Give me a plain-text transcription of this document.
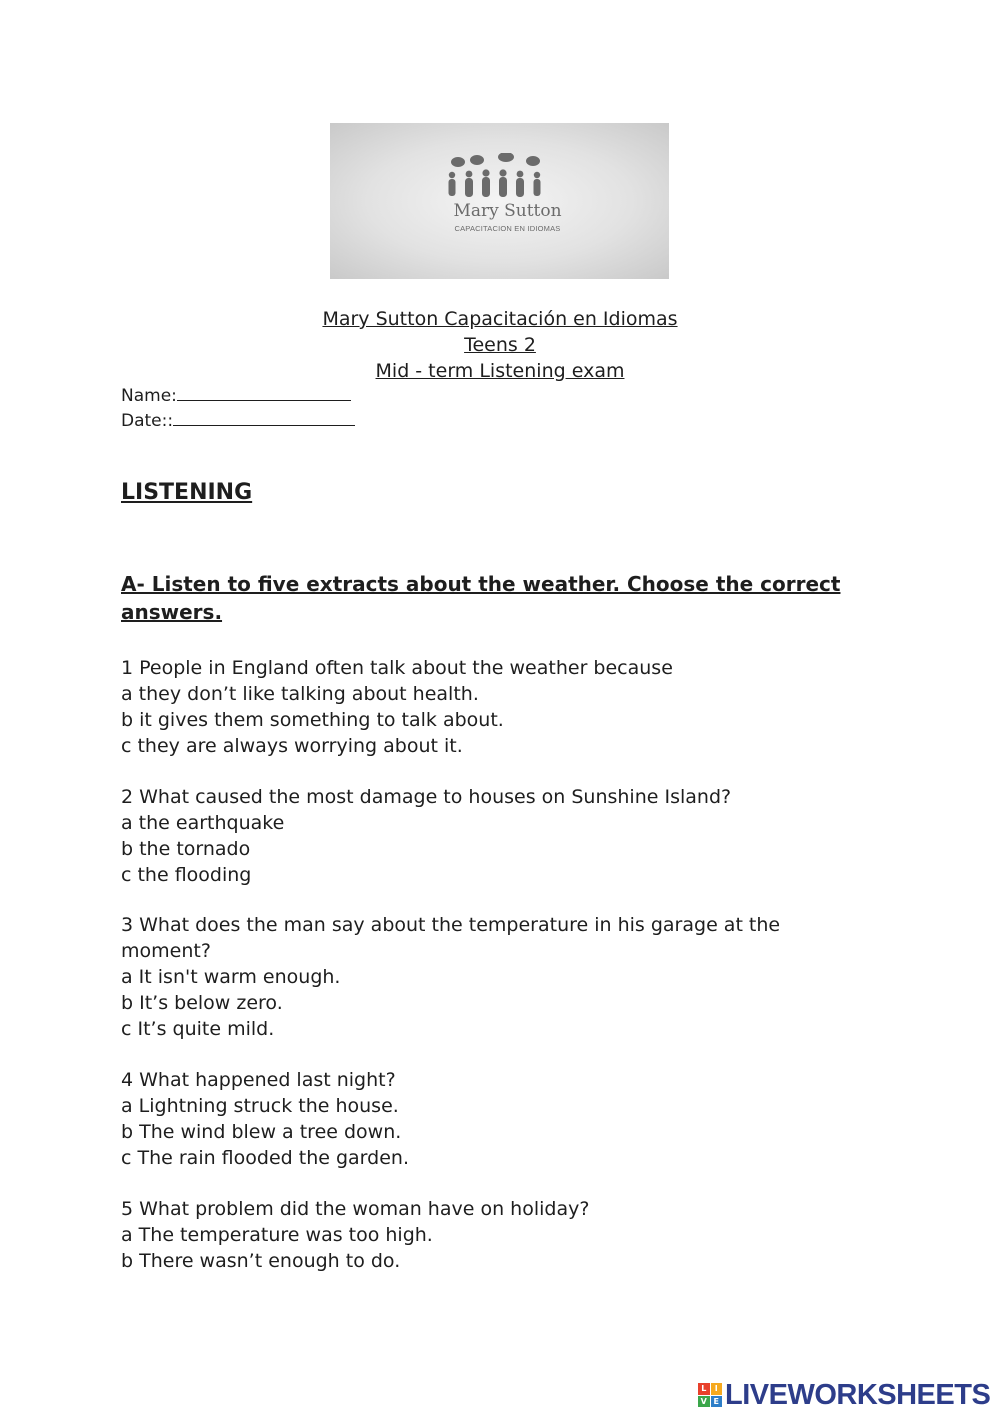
Mary Sutton
CAPACITACION EN IDIOMAS
Mary Sutton Capacitación en Idiomas
Teens 2
Mid - term Listening exam
Name:
Date::
LISTENING
A- Listen to five extracts about the weather. Choose the correct answers.

1 People in England often talk about the weather because

a they don’t like talking about health.

b it gives them something to talk about.

c they are always worrying about it.

2 What caused the most damage to houses on Sunshine Island?

a the earthquake

b the tornado

c the flooding

3 What does the man say about the temperature in his garage at the moment?

a It isn't warm enough.

b It’s below zero.

c It’s quite mild.

4 What happened last night?

a Lightning struck the house.

b The wind blew a tree down.

c The rain flooded the garden.

5 What problem did the woman have on holiday?

a The temperature was too high.

b There wasn’t enough to do.

L	I
V E LIVEWORKSHEETS
